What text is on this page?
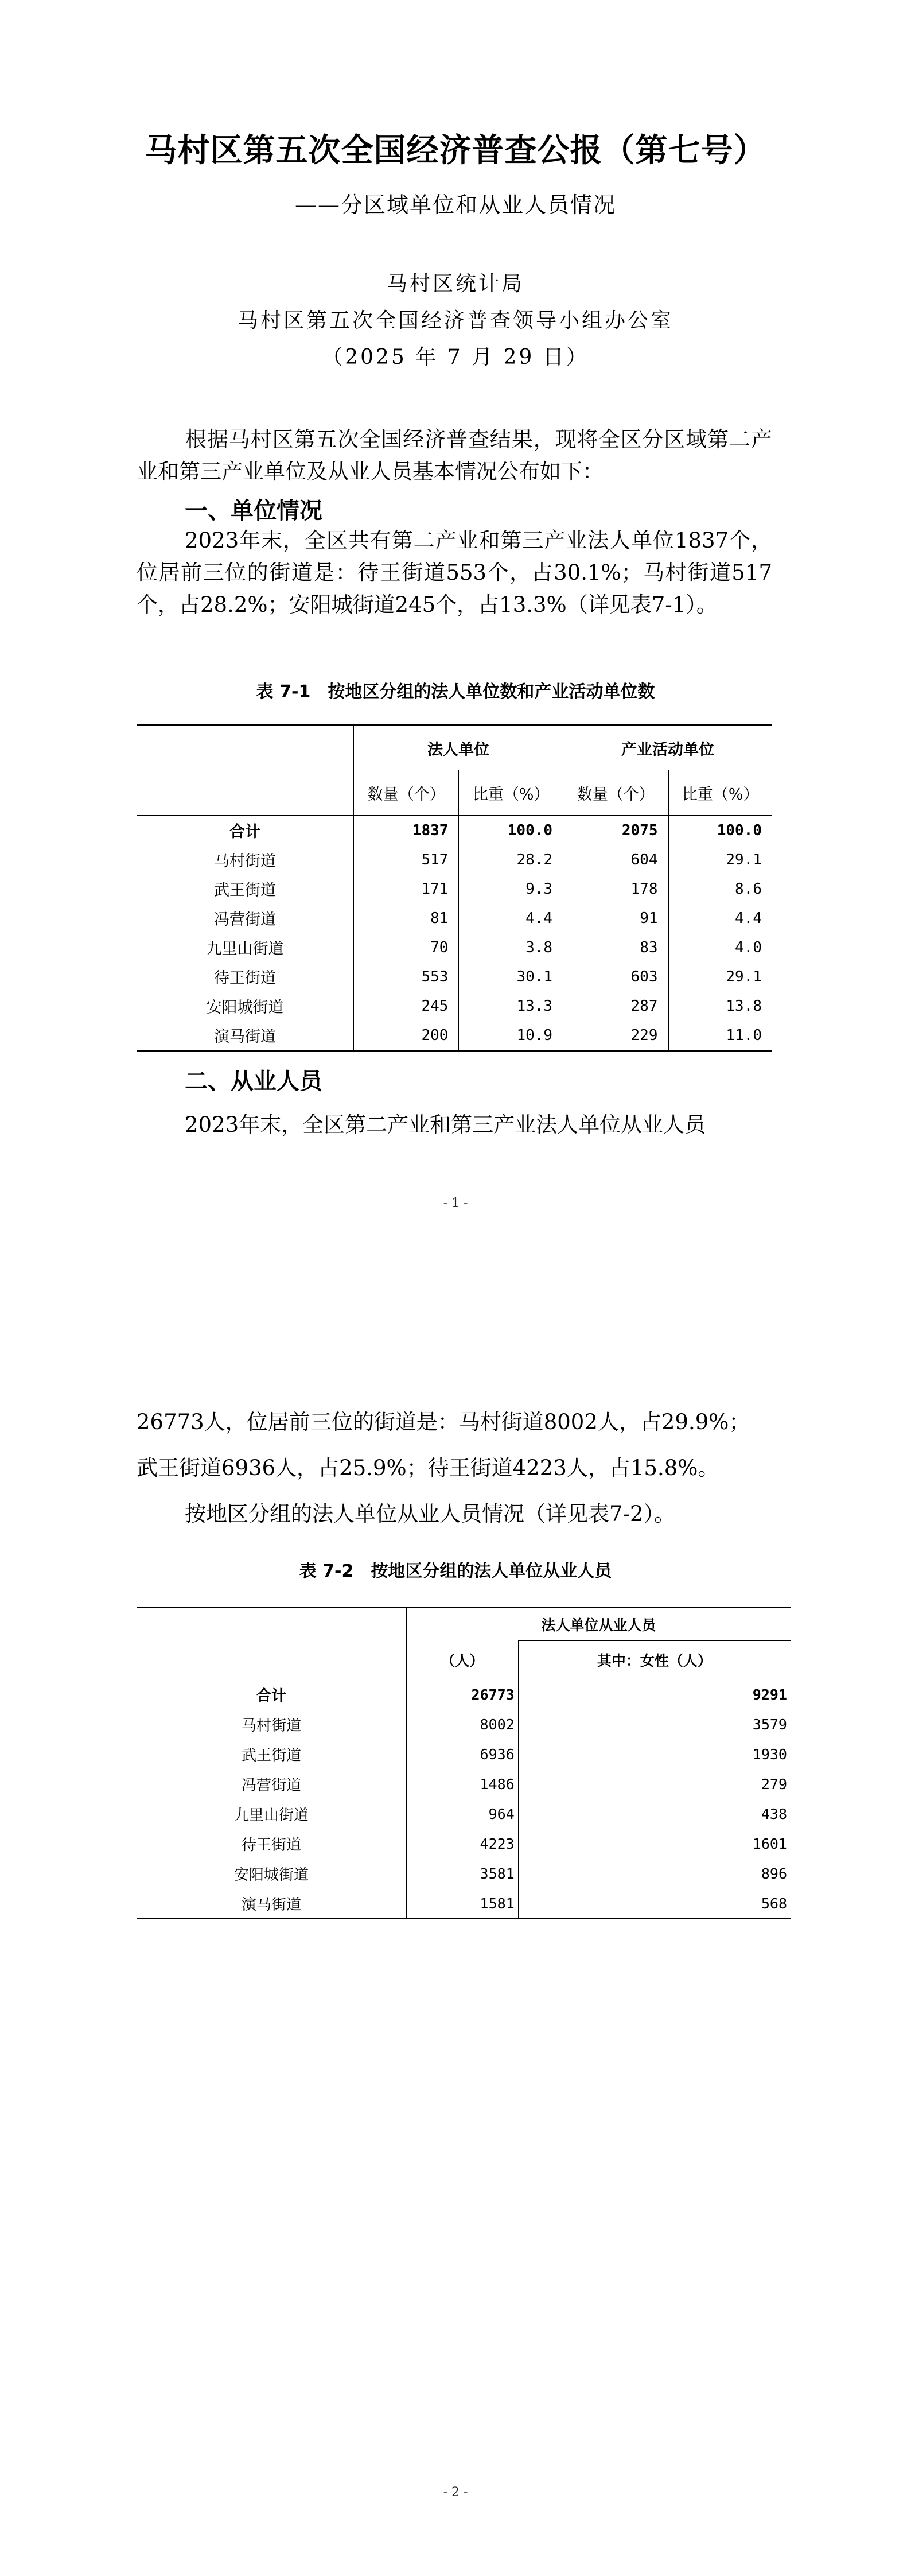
马村区第五次全国经济普查公报（第七号）
——分区域单位和从业人员情况
马村区统计局
马村区第五次全国经济普查领导小组办公室
（2025 年 7 月 29 日）

根据马村区第五次全国经济普查结果，现将全区分区域第二产业和第三产业单位及从业人员基本情况公布如下：

一、单位情况

2023年末，全区共有第二产业和第三产业法人单位1837个，位居前三位的街道是：待王街道553个，占30.1%；马村街道517个，占28.2%；安阳城街道245个，占13.3%（详见表7-1）。

表 7-1　按地区分组的法人单位数和产业活动单位数
	法人单位		产业活动单位	
	数量（个）	比重（%）	数量（个）	比重（%）
合计	1837	100.0	2075	100.0
马村街道	517	28.2	604	29.1
武王街道	171	9.3	178	8.6
冯营街道	81	4.4	91	4.4
九里山街道	70	3.8	83	4.0
待王街道	553	30.1	603	29.1
安阳城街道	245	13.3	287	13.8
演马街道	200	10.9	229	11.0
二、从业人员

2023年末，全区第二产业和第三产业法人单位从业人员

- 1 -

26773人，位居前三位的街道是：马村街道8002人，占29.9%；

武王街道6936人，占25.9%；待王街道4223人，占15.8%。

按地区分组的法人单位从业人员情况（详见表7-2）。

表 7-2　按地区分组的法人单位从业人员
	法人单位从业人员	
	（人）	其中：女性（人）
合计	26773	9291
马村街道	8002	3579
武王街道	6936	1930
冯营街道	1486	279
九里山街道	964	438
待王街道	4223	1601
安阳城街道	3581	896
演马街道	1581	568
- 2 -
